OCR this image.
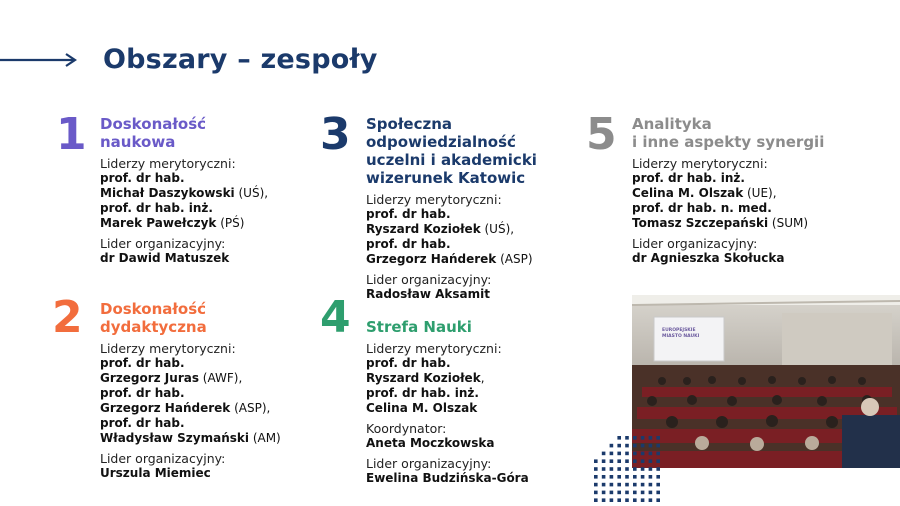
Obszary – zespoły
1 Doskonałość
naukowa
Liderzy merytoryczni:
prof. dr hab.
Michał Daszykowski (UŚ),
prof. dr hab. inż.
Marek Pawełczyk (PŚ)
Lider organizacyjny:
dr Dawid Matuszek
2 Doskonałość
dydaktyczna
Liderzy merytoryczni:
prof. dr hab.
Grzegorz Juras (AWF),
prof. dr hab.
Grzegorz Hańderek (ASP),
prof. dr hab.
Władysław Szymański (AM)
Lider organizacyjny:
Urszula Miemiec
3 Społeczna
odpowiedzialność
uczelni i akademicki
wizerunek Katowic
Liderzy merytoryczni:
prof. dr hab.
Ryszard Koziołek (UŚ),
prof. dr hab.
Grzegorz Hańderek (ASP)
Lider organizacyjny:
Radosław Aksamit
4 Strefa Nauki
Liderzy merytoryczni:
prof. dr hab.
Ryszard Koziołek,
prof. dr hab. inż.
Celina M. Olszak
Koordynator:
Aneta Moczkowska
Lider organizacyjny:
Ewelina Budzińska-Góra
5 Analityka
i inne aspekty synergii
Liderzy merytoryczni:
prof. dr hab. inż.
Celina M. Olszak (UE),
prof. dr hab. n. med.
Tomasz Szczepański (SUM)
Lider organizacyjny:
dr Agnieszka Skołucka
EUROPEJSKIE
MIASTO NAUKI
